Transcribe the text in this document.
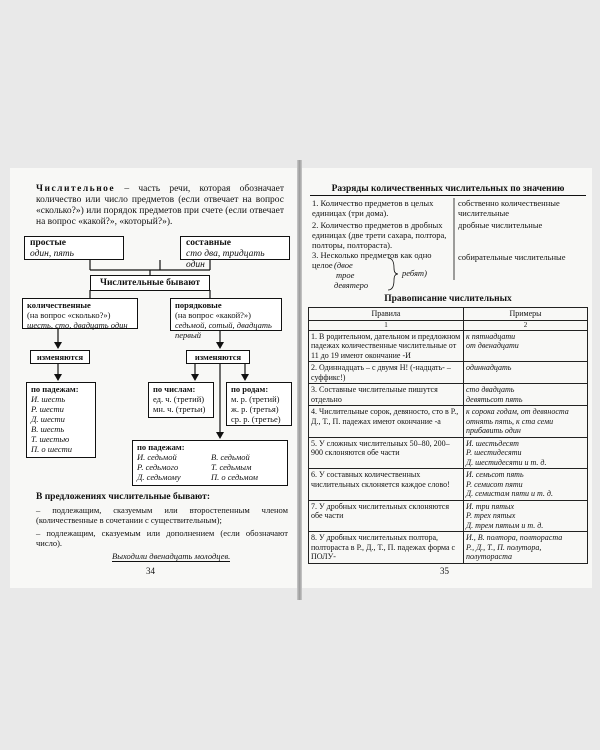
Числительное – часть речи, которая обозначает количество или число предметов (если отвечает на вопрос «сколько?») или порядок предметов при счете (если отвечает на вопрос «какой?», «который?»).
простые
один, пять
составные
сто два, тридцать один
Числительные бывают
количественные
(на вопрос «сколько?»)
шесть, сто, двадцать один
порядковые
(на вопрос «какой?»)
седьмой, сотый, двадцать первый
изменяются	изменяются
по падежам:
И. шесть
Р. шести
Д. шести
В. шесть
Т. шестью
П. о шести
по числам:
ед. ч. (третий)
мн. ч. (третьи)
по родам:
м. р. (третий)
ж. р. (третья)
ср. р. (третье)
по падежам:
И. седьмой
Р. седьмого
Д. седьмому
В. седьмой
Т. седьмым
П. о седьмом
В предложениях числительные бывают:
– подлежащим, сказуемым или второстепенным членом (количественные в сочетании с существительным);
– подлежащим, сказуемым или дополнением (если обозначают число).
Выходили двенадцать молодцев.
34
Разряды количественных числительных по значению
1. Количество предметов в целых единицах (три дома).
2. Количество предметов в дробных единицах (две трети сахара, полтора, полторы, полтораста).
3. Несколько предметов как одно целое (двое
трое
девятеро
ребят)
собственно количественные числительные
дробные числительные
собирательные числительные
Правописание числительных
Правила	Примеры
1	2
1. В родительном, дательном и предложном падежах количественные числительные от 11 до 19 имеют окончание -И	к пятнадцати
от двенадцати

2. Одиннадцать – с двумя Н! (-надцать- – суффикс!)	одиннадцать

3. Составные числительные пишутся отдельно	сто двадцать
девятьсот пять

4. Числительные сорок, девяносто, сто в Р., Д., Т., П. падежах имеют окончание -а	к сорока годам, от девяноста отнять пять, к ста семи прибавить один

5. У сложных числительных 50–80, 200–900 склоняются обе части	И. шестьдесят
Р. шестидесяти
Д. шестидесяти и т. д.

6. У составных количественных числительных склоняется каждое слово!	И. семьсот пять
Р. семисот пяти
Д. семистам пяти и т. д.

7. У дробных числительных склоняются обе части	И. три пятых
Р. трех пятых
Д. трем пятым и т. д.

8. У дробных числительных полтора, полтораста в Р., Д., Т., П. падежах форма с ПОЛУ-	И., В. полтора, полтораста
Р., Д., Т., П. полутора, полутораста
35
